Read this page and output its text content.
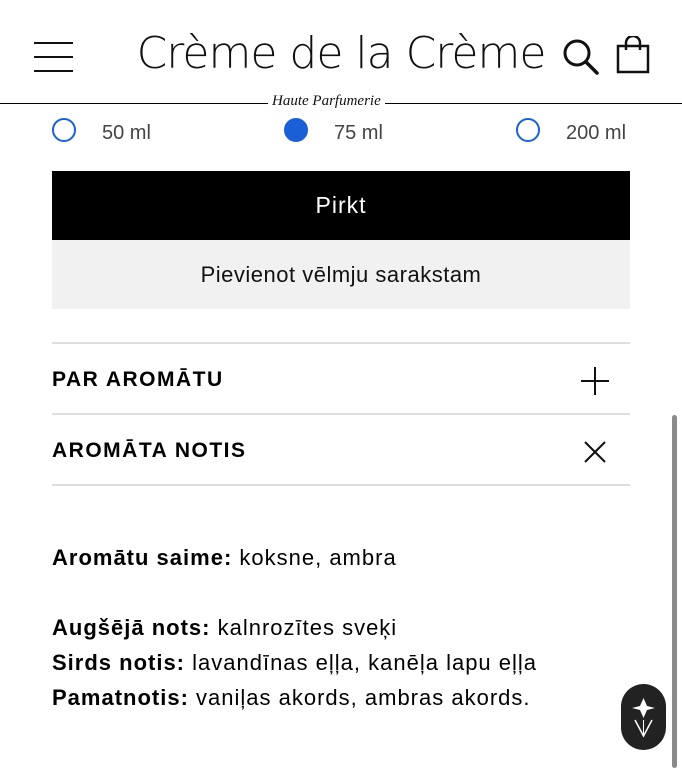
Crème de la Crème
Haute Parfumerie
50 ml	75 ml	200 ml
Pirkt
Pievienot vēlmju sarakstam
PAR AROMĀTU
AROMĀTA NOTIS

Aromātu saime: koksne, ambra

Augšējā nots: kalnrozītes sveķi

Sirds notis: lavandīnas eļļa, kanēļa lapu eļļa

Pamatnotis: vaniļas akords, ambras akords.
